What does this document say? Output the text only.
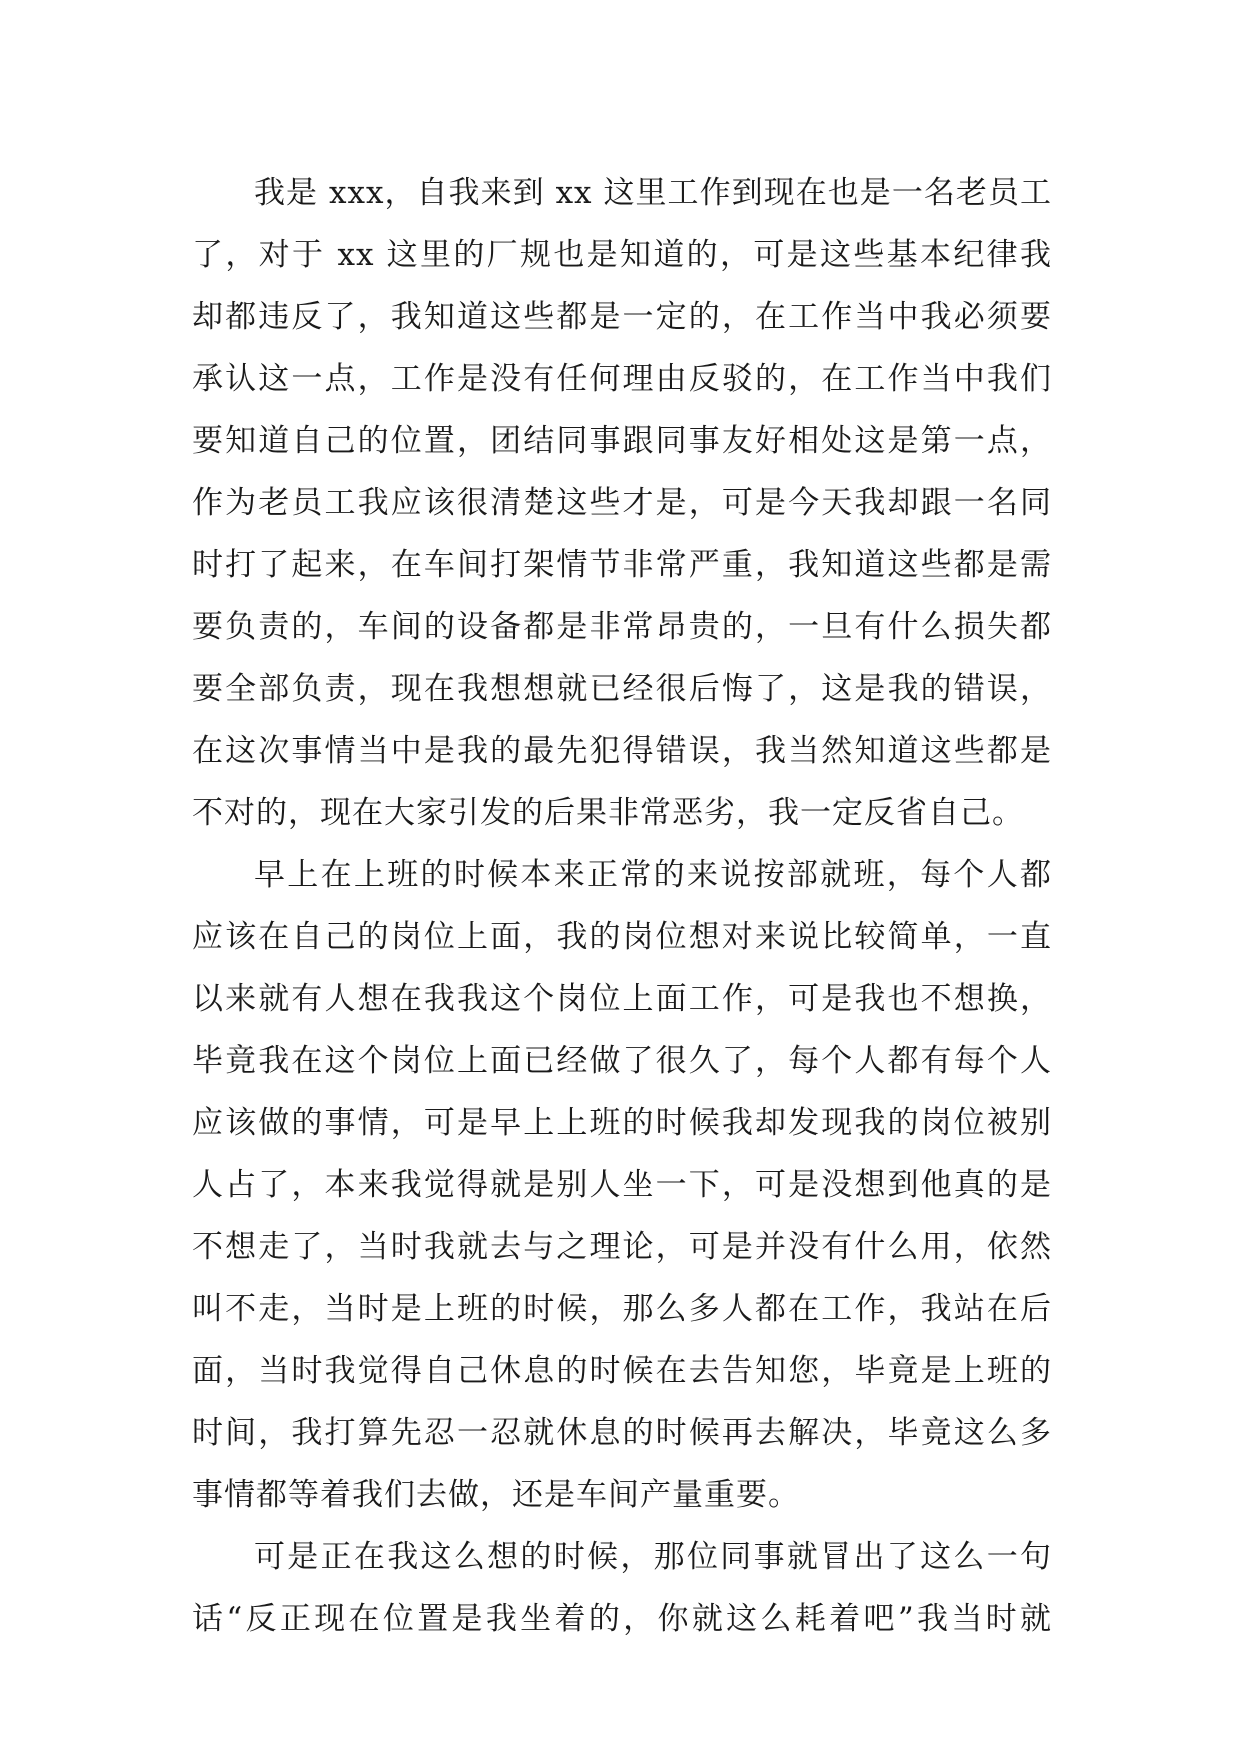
我是 xxx，自我来到 xx 这里工作到现在也是一名老员工
了，对于 xx 这里的厂规也是知道的，可是这些基本纪律我
却都违反了，我知道这些都是一定的，在工作当中我必须要
承认这一点，工作是没有任何理由反驳的，在工作当中我们
要知道自己的位置，团结同事跟同事友好相处这是第一点，
作为老员工我应该很清楚这些才是，可是今天我却跟一名同
时打了起来，在车间打架情节非常严重，我知道这些都是需
要负责的，车间的设备都是非常昂贵的，一旦有什么损失都
要全部负责，现在我想想就已经很后悔了，这是我的错误，
在这次事情当中是我的最先犯得错误，我当然知道这些都是
不对的，现在大家引发的后果非常恶劣，我一定反省自己。
早上在上班的时候本来正常的来说按部就班，每个人都
应该在自己的岗位上面，我的岗位想对来说比较简单，一直
以来就有人想在我我这个岗位上面工作，可是我也不想换，
毕竟我在这个岗位上面已经做了很久了，每个人都有每个人
应该做的事情，可是早上上班的时候我却发现我的岗位被别
人占了，本来我觉得就是别人坐一下，可是没想到他真的是
不想走了，当时我就去与之理论，可是并没有什么用，依然
叫不走，当时是上班的时候，那么多人都在工作，我站在后
面，当时我觉得自己休息的时候在去告知您，毕竟是上班的
时间，我打算先忍一忍就休息的时候再去解决，毕竟这么多
事情都等着我们去做，还是车间产量重要。
可是正在我这么想的时候，那位同事就冒出了这么一句
话“反正现在位置是我坐着的，你就这么耗着吧”我当时就
